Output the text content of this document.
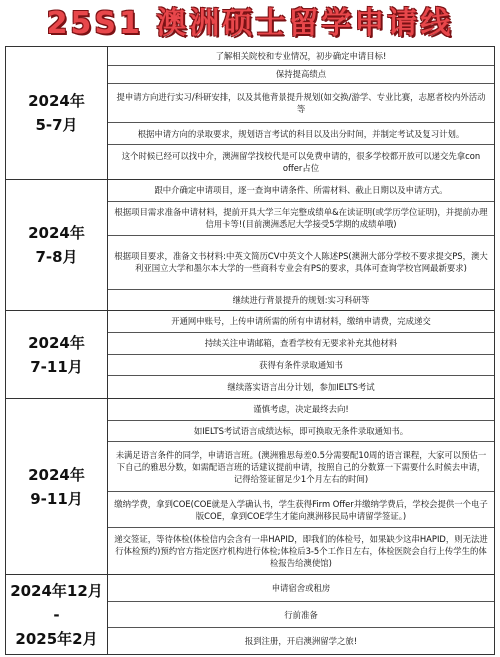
25S1 澳洲硕士留学申请线
2024年
5-7月
了解相关院校和专业情况，初步确定申请目标!
保持提高绩点
提申请方向进行实习/科研安排，以及其他背景提升规划(如交换/游学、专业比赛，志愿者校内外活动等
根据申请方向的录取要求，规划语言考试的科目以及出分时间，并制定考试及复习计划。
这个时候已经可以找中介，澳洲留学找校代是可以免费申请的，很多学校都开放可以递交先拿con offer占位
2024年
7-8月
跟中介确定申请项目，逐一查询申请条件、所需材料、截止日期以及申请方式。
根据项目需求准备申请材料，提前开具大学三年完整成绩单&在读证明(或学历学位证明)，并提前办理信用卡等!(目前澳洲悉尼大学接受5学期的成绩单哦)
根据项目要求，准备文书材料:中英文简历CV中英文个人陈述PS(澳洲大部分学校不要求提交PS，澳大利亚国立大学和墨尔本大学的一些商科专业会有PS的要求，具体可查询学校官网最新要求)
继续进行背景提升的规划:实习科研等
2024年
7-11月
开通网申账号，上传申请所需的所有申请材料，缴纳申请费，完成递交
持续关注申请邮箱，查看学校有无要求补充其他材料
获得有条件录取通知书
继续落实语言出分计划，参加IELTS考试
2024年
9-11月
谨慎考虑，决定最终去向!
如IELTS考试语言成绩达标，即可换取无条件录取通知书。
未满足语言条件的同学，申请语言班。(澳洲雅思每差0.5分需要配10周的语言课程，大家可以预估一下自己的雅思分数，如需配语言班的话建议提前申请，按照自己的分数算一下需要什么时候去申请，记得给签证留足少1个月左右的时间)
缴纳学费，拿到COE(COE就是入学确认书，学生获得Firm Offer并缴纳学费后，学校会提供一个电子版COE，拿到COE学生才能向澳洲移民局申请留学签证。)
递交签证，等待体检(体检信内会含有一串HAPID，即我们的体检号，如果缺少这串HAPID，则无法进行体检预约)预约官方指定医疗机构进行体检;体检后3-5个工作日左右，体检医院会自行上传学生的体检报告给澳使馆)
2024年12月
-
2025年2月
申请宿舍或租房
行前准备
报到注册，开启澳洲留学之旅!
